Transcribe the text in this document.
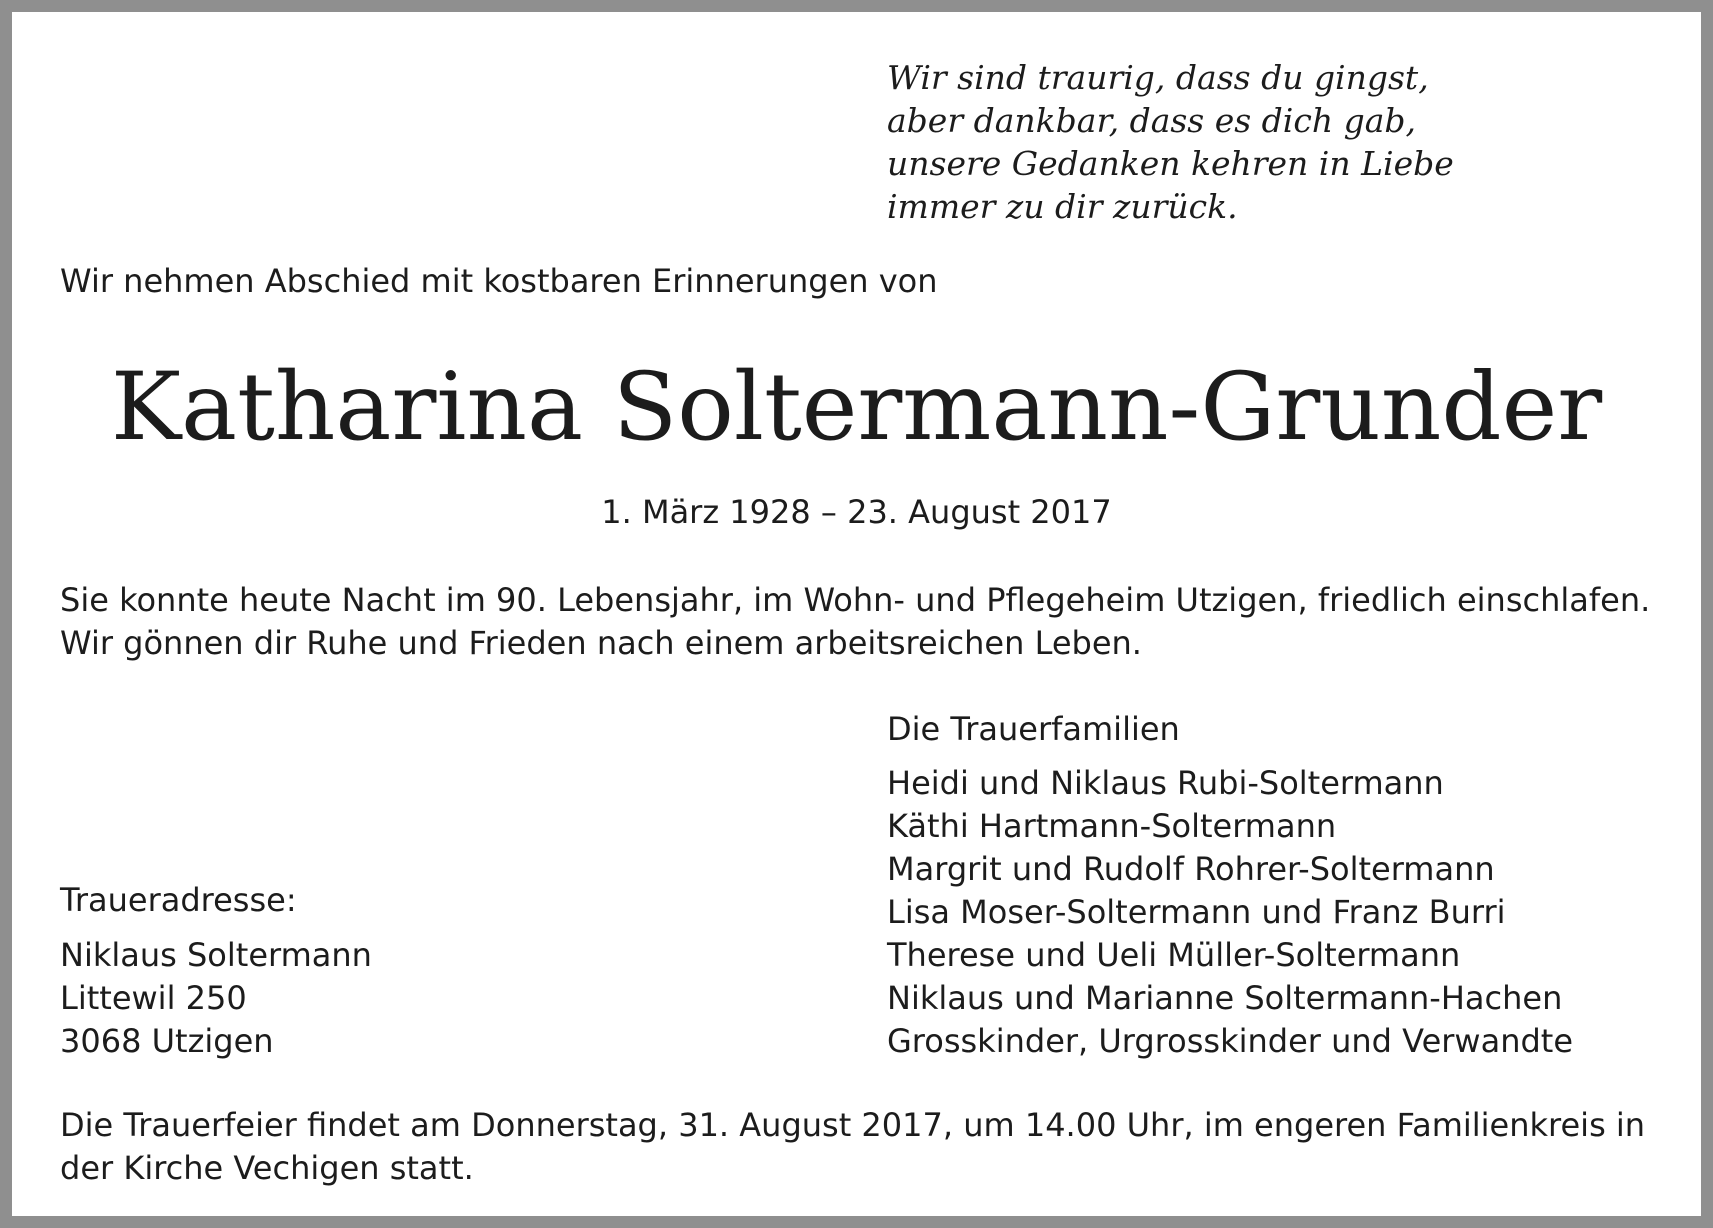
Wir sind traurig, dass du gingst,
aber dankbar, dass es dich gab,
unsere Gedanken kehren in Liebe
immer zu dir zurück.

Wir nehmen Abschied mit kostbaren Erinnerungen von

Katharina Soltermann-Grunder

1. März 1928 – 23. August 2017

Sie konnte heute Nacht im 90. Lebensjahr, im Wohn- und Pflegeheim Utzigen, friedlich einschlafen.
Wir gönnen dir Ruhe und Frieden nach einem arbeitsreichen Leben.

Die Trauerfamilien

Heidi und Niklaus Rubi-Soltermann
Käthi Hartmann-Soltermann
Margrit und Rudolf Rohrer-Soltermann
Lisa Moser-Soltermann und Franz Burri
Therese und Ueli Müller-Soltermann
Niklaus und Marianne Soltermann-Hachen
Grosskinder, Urgrosskinder und Verwandte

Traueradresse:

Niklaus Soltermann
Littewil 250
3068 Utzigen

Die Trauerfeier findet am Donnerstag, 31. August 2017, um 14.00 Uhr, im engeren Familienkreis in der Kirche Vechigen statt.
